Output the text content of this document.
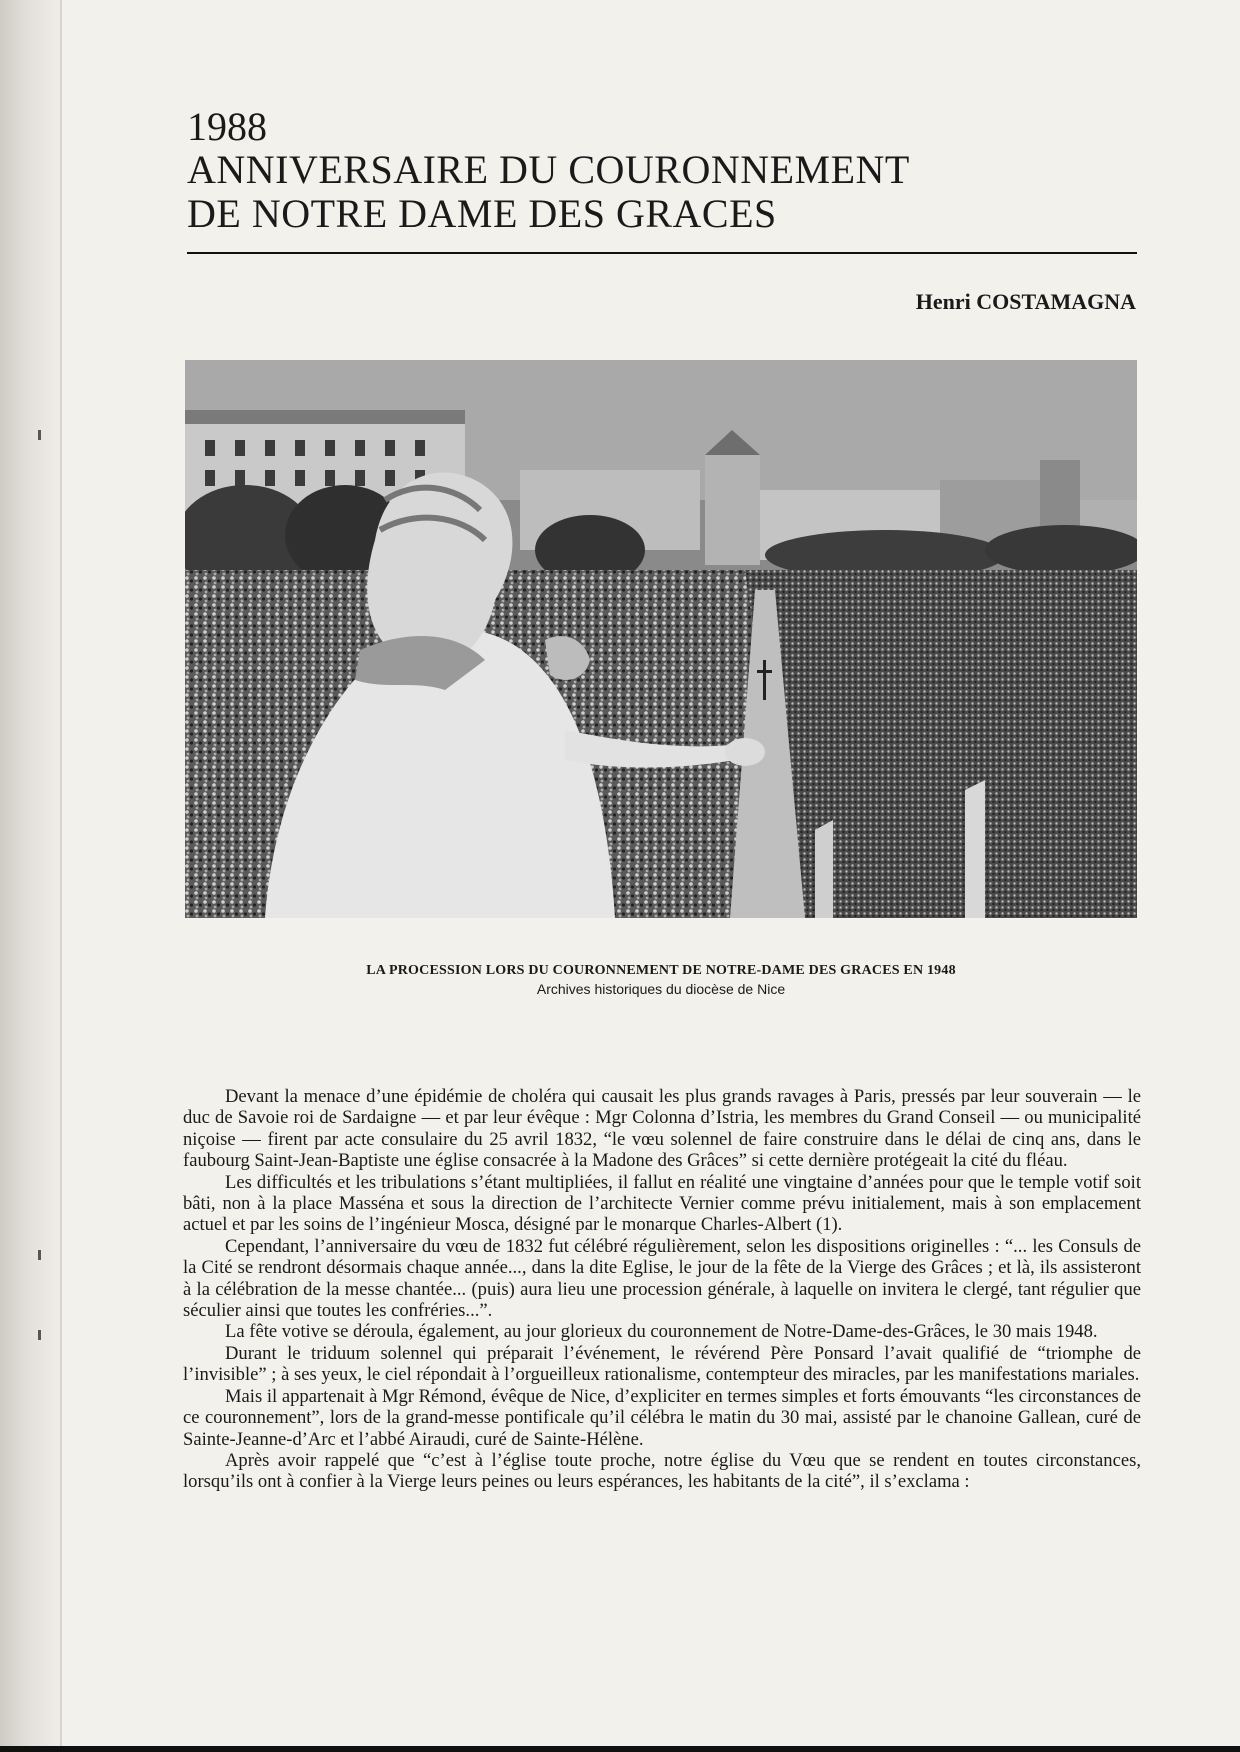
1988
ANNIVERSAIRE DU COURONNEMENT
DE NOTRE DAME DES GRACES
Henri COSTAMAGNA
LA PROCESSION LORS DU COURONNEMENT DE NOTRE-DAME DES GRACES EN 1948
Archives historiques du diocèse de Nice

Devant la menace d’une épidémie de choléra qui causait les plus grands ravages à Paris, pressés par leur souverain — le duc de Savoie roi de Sardaigne — et par leur évêque : Mgr Colonna d’Istria, les membres du Grand Conseil — ou municipalité niçoise — firent par acte consulaire du 25 avril 1832, “le vœu solennel de faire construire dans le délai de cinq ans, dans le faubourg Saint-Jean-Baptiste une église consacrée à la Madone des Grâces” si cette dernière protégeait la cité du fléau.

Les difficultés et les tribulations s’étant multipliées, il fallut en réalité une vingtaine d’années pour que le temple votif soit bâti, non à la place Masséna et sous la direction de l’architecte Vernier comme prévu initialement, mais à son emplacement actuel et par les soins de l’ingénieur Mosca, désigné par le monarque Charles-Albert (1).

Cependant, l’anniversaire du vœu de 1832 fut célébré régulièrement, selon les dispositions originelles : “... les Consuls de la Cité se rendront désormais chaque année..., dans la dite Eglise, le jour de la fête de la Vierge des Grâces ; et là, ils assisteront à la célébration de la messe chantée... (puis) aura lieu une procession générale, à laquelle on invitera le clergé, tant régulier que séculier ainsi que toutes les confréries...”.

La fête votive se déroula, également, au jour glorieux du couronnement de Notre-Dame-des-Grâces, le 30 mais 1948.

Durant le triduum solennel qui préparait l’événement, le révérend Père Ponsard l’avait qualifié de “triomphe de l’invisible” ; à ses yeux, le ciel répondait à l’orgueilleux rationalisme, contempteur des miracles, par les manifestations mariales.

Mais il appartenait à Mgr Rémond, évêque de Nice, d’expliciter en termes simples et forts émouvants “les circonstances de ce couronnement”, lors de la grand-messe pontificale qu’il célébra le matin du 30 mai, assisté par le chanoine Gallean, curé de Sainte-Jeanne-d’Arc et l’abbé Airaudi, curé de Sainte-Hélène.

Après avoir rappelé que “c’est à l’église toute proche, notre église du Vœu que se rendent en toutes circonstances, lorsqu’ils ont à confier à la Vierge leurs peines ou leurs espérances, les habitants de la cité”, il s’exclama :
